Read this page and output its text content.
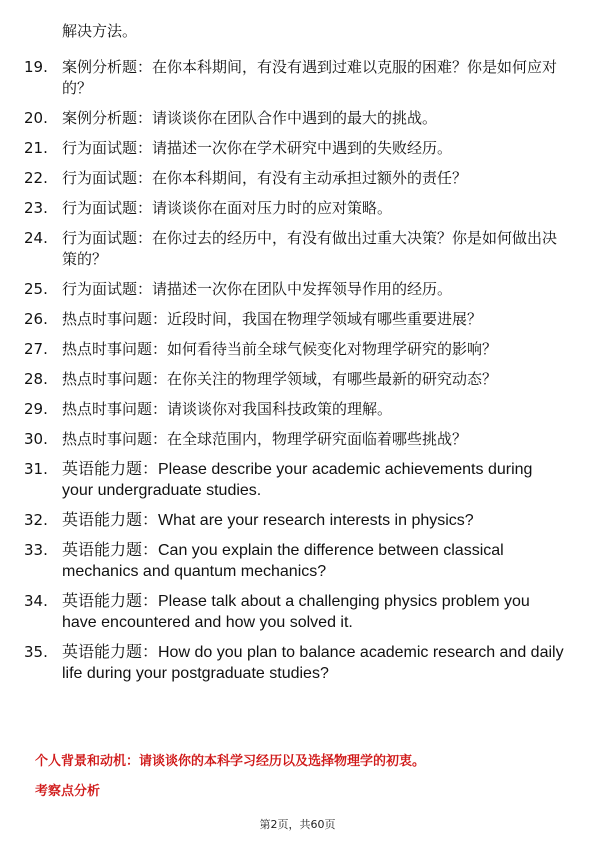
解决方法。
19. 案例分析题：在你本科期间，有没有遇到过难以克服的困难？你是如何应对的？
20. 案例分析题：请谈谈你在团队合作中遇到的最大的挑战。
21. 行为面试题：请描述一次你在学术研究中遇到的失败经历。
22. 行为面试题：在你本科期间，有没有主动承担过额外的责任？
23. 行为面试题：请谈谈你在面对压力时的应对策略。
24. 行为面试题：在你过去的经历中，有没有做出过重大决策？你是如何做出决策的？
25. 行为面试题：请描述一次你在团队中发挥领导作用的经历。
26. 热点时事问题：近段时间，我国在物理学领域有哪些重要进展？
27. 热点时事问题：如何看待当前全球气候变化对物理学研究的影响？
28. 热点时事问题：在你关注的物理学领域，有哪些最新的研究动态？
29. 热点时事问题：请谈谈你对我国科技政策的理解。
30. 热点时事问题：在全球范围内，物理学研究面临着哪些挑战？
31. 英语能力题：Please describe your academic achievements during your undergraduate studies.
32. 英语能力题：What are your research interests in physics?
33. 英语能力题：Can you explain the difference between classical mechanics and quantum mechanics?
34. 英语能力题：Please talk about a challenging physics problem you have encountered and how you solved it.
35. 英语能力题：How do you plan to balance academic research and daily life during your postgraduate studies?
个人背景和动机：请谈谈你的本科学习经历以及选择物理学的初衷。
考察点分析
第2页，共60页
